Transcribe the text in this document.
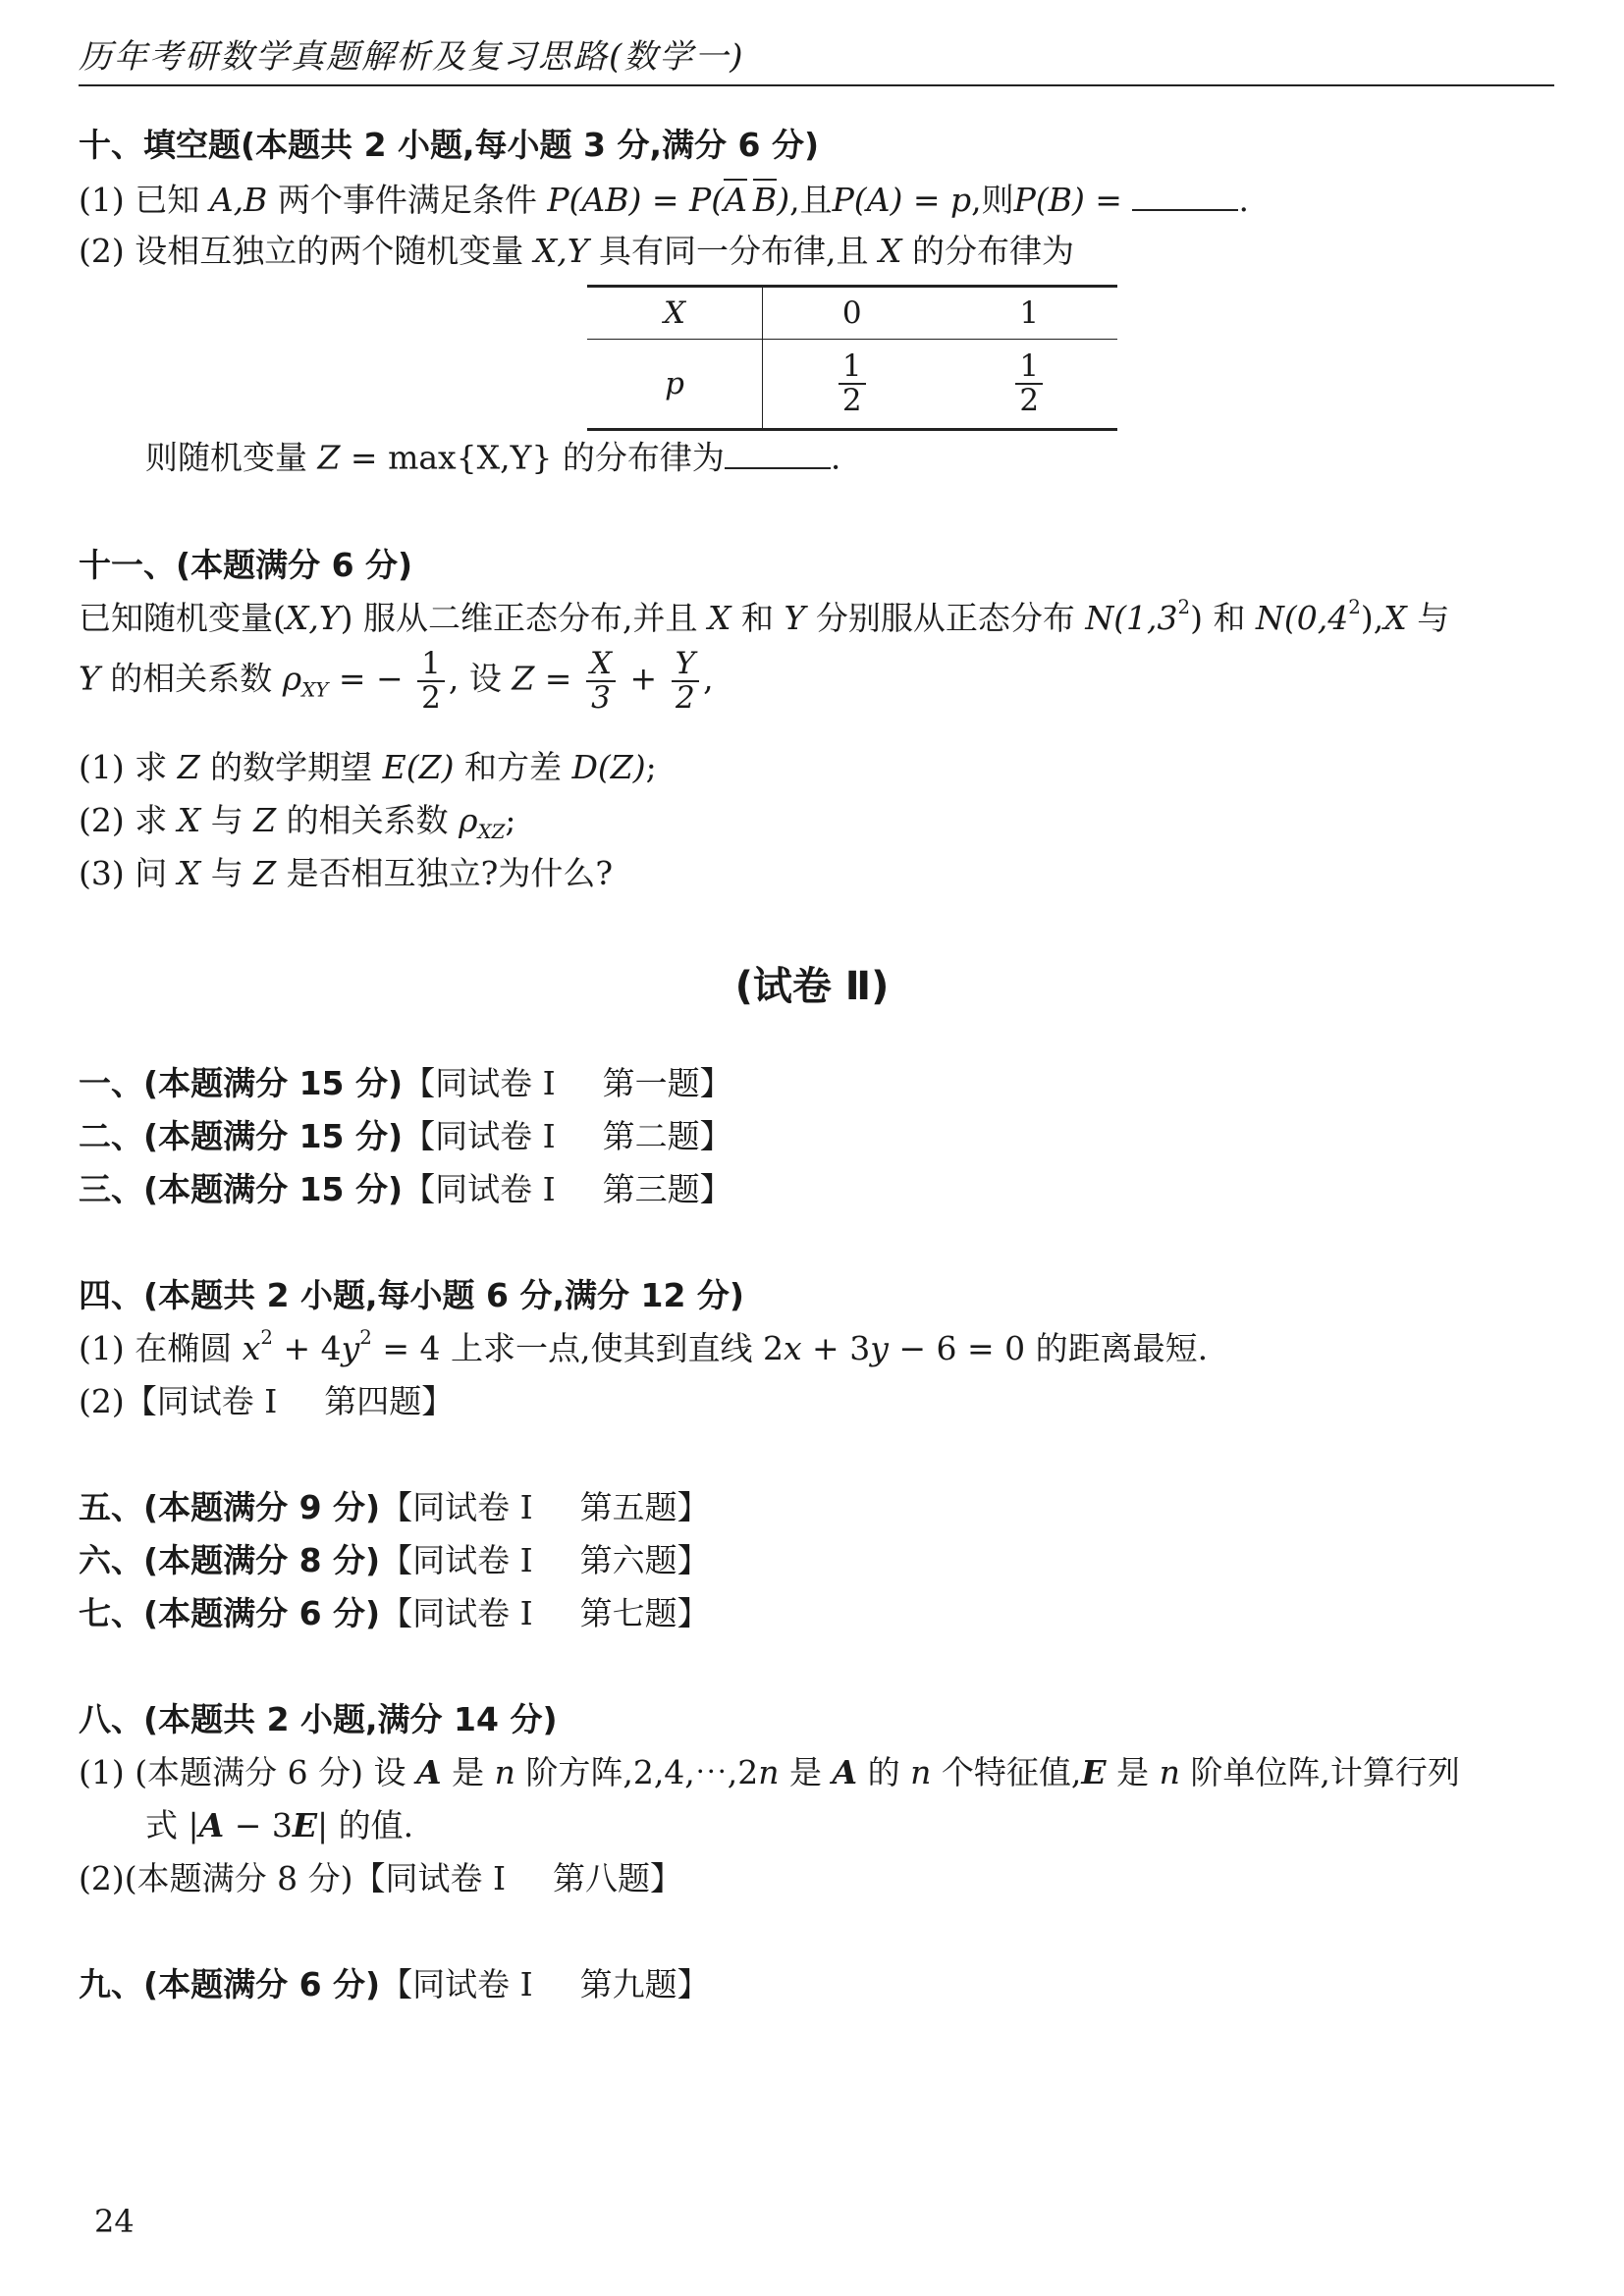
历年考研数学真题解析及复习思路(数学一)
十、填空题(本题共 2 小题,每小题 3 分,满分 6 分)
(1) 已知 A,B 两个事件满足条件 P(AB) = P(A B),且P(A) = p,则P(B) =	.
(2) 设相互独立的两个随机变量 X,Y 具有同一分布律,且 X 的分布律为
X	0	1
p	$\frac{1}{2}$	$\frac{1}{2}$
则随机变量 Z = max{X,Y} 的分布律为	.
十一、(本题满分 6 分)
已知随机变量(X,Y) 服从二维正态分布,并且 X 和 Y 分别服从正态分布 $N(1,3^2)$ 和 $N(0,4^2),X$ 与
Y 的相关系数 $\rho_{XY}$ = − $\frac{1}{2}$ , 设 $Z = \frac{X}{3} + \frac{Y}{2}$ ,
(1) 求 Z 的数学期望 E(Z) 和方差 D(Z);
(2) 求 X 与 Z 的相关系数 $\rho_{XZ}$;
(3) 问 X 与 Z 是否相互独立?为什么?
(试卷 Ⅱ)
一、(本题满分 15 分)【同试卷 Ⅰ 第一题】
二、(本题满分 15 分)【同试卷 Ⅰ 第二题】
三、(本题满分 15 分)【同试卷 Ⅰ 第三题】
四、(本题共 2 小题,每小题 6 分,满分 12 分)
(1) 在椭圆 $x^2 + 4y^2 = 4$ 上求一点,使其到直线 2x + 3y − 6 = 0 的距离最短.
(2)【同试卷 Ⅰ 第四题】
五、(本题满分 9 分)【同试卷 Ⅰ 第五题】
六、(本题满分 8 分)【同试卷 Ⅰ 第六题】
七、(本题满分 6 分)【同试卷 Ⅰ 第七题】
八、(本题共 2 小题,满分 14 分)
(1) (本题满分 6 分) 设 A 是 n 阶方阵,2,4,⋯,2n 是 A 的 n 个特征值,E 是 n 阶单位阵,计算行列
式 |A − 3E| 的值.
(2)(本题满分 8 分)【同试卷 Ⅰ 第八题】
九、(本题满分 6 分)【同试卷 Ⅰ 第九题】
24
